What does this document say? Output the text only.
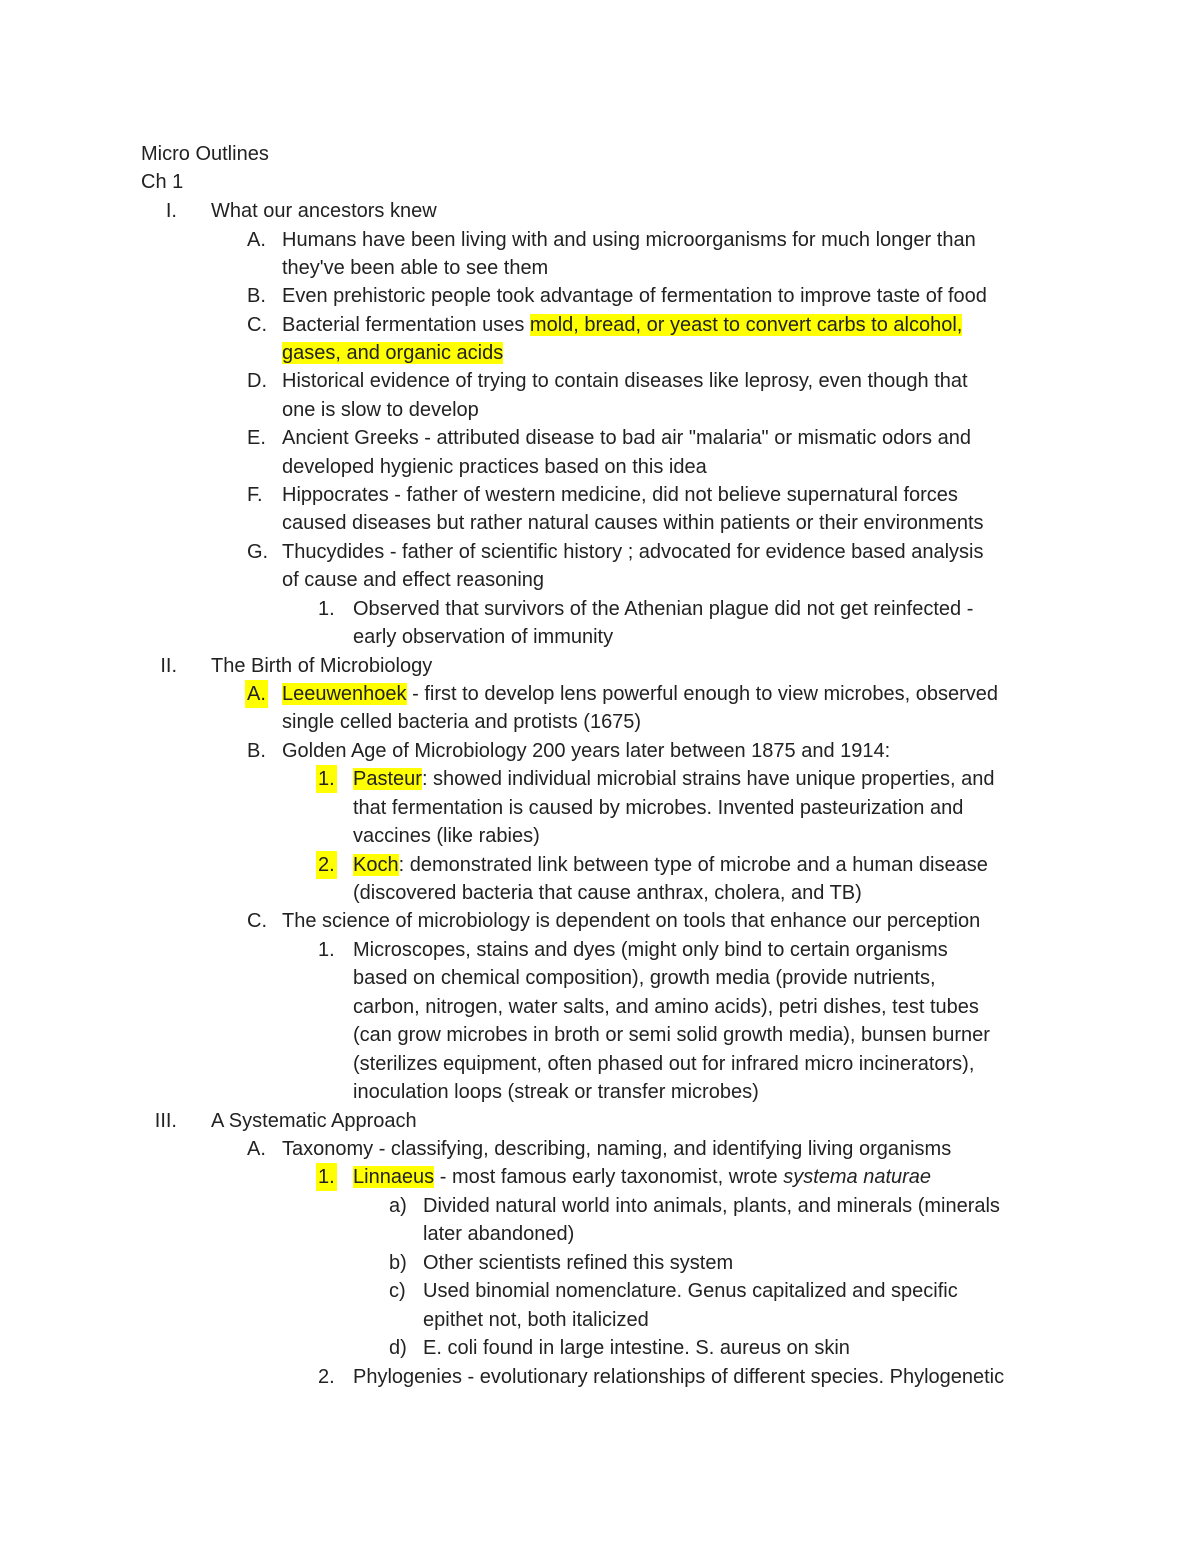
Micro Outlines
Ch 1
I. What our ancestors knew
A. Humans have been living with and using microorganisms for much longer than
they've been able to see them
B. Even prehistoric people took advantage of fermentation to improve taste of food
C. Bacterial fermentation uses mold, bread, or yeast to convert carbs to alcohol,
gases, and organic acids
D. Historical evidence of trying to contain diseases like leprosy, even though that
one is slow to develop
E. Ancient Greeks - attributed disease to bad air "malaria" or mismatic odors and
developed hygienic practices based on this idea
F. Hippocrates - father of western medicine, did not believe supernatural forces
caused diseases but rather natural causes within patients or their environments
G. Thucydides - father of scientific history ; advocated for evidence based analysis
of cause and effect reasoning
1. Observed that survivors of the Athenian plague did not get reinfected -
early observation of immunity
II. The Birth of Microbiology
A. Leeuwenhoek - first to develop lens powerful enough to view microbes, observed
single celled bacteria and protists (1675)
B. Golden Age of Microbiology 200 years later between 1875 and 1914:
1. Pasteur: showed individual microbial strains have unique properties, and
that fermentation is caused by microbes. Invented pasteurization and
vaccines (like rabies)
2. Koch: demonstrated link between type of microbe and a human disease
(discovered bacteria that cause anthrax, cholera, and TB)
C. The science of microbiology is dependent on tools that enhance our perception
1. Microscopes, stains and dyes (might only bind to certain organisms
based on chemical composition), growth media (provide nutrients,
carbon, nitrogen, water salts, and amino acids), petri dishes, test tubes
(can grow microbes in broth or semi solid growth media), bunsen burner
(sterilizes equipment, often phased out for infrared micro incinerators),
inoculation loops (streak or transfer microbes)
III. A Systematic Approach
A. Taxonomy - classifying, describing, naming, and identifying living organisms
1. Linnaeus - most famous early taxonomist, wrote systema naturae
a) Divided natural world into animals, plants, and minerals (minerals
later abandoned)
b) Other scientists refined this system
c) Used binomial nomenclature. Genus capitalized and specific
epithet not, both italicized
d) E. coli found in large intestine. S. aureus on skin
2. Phylogenies - evolutionary relationships of different species. Phylogenetic
